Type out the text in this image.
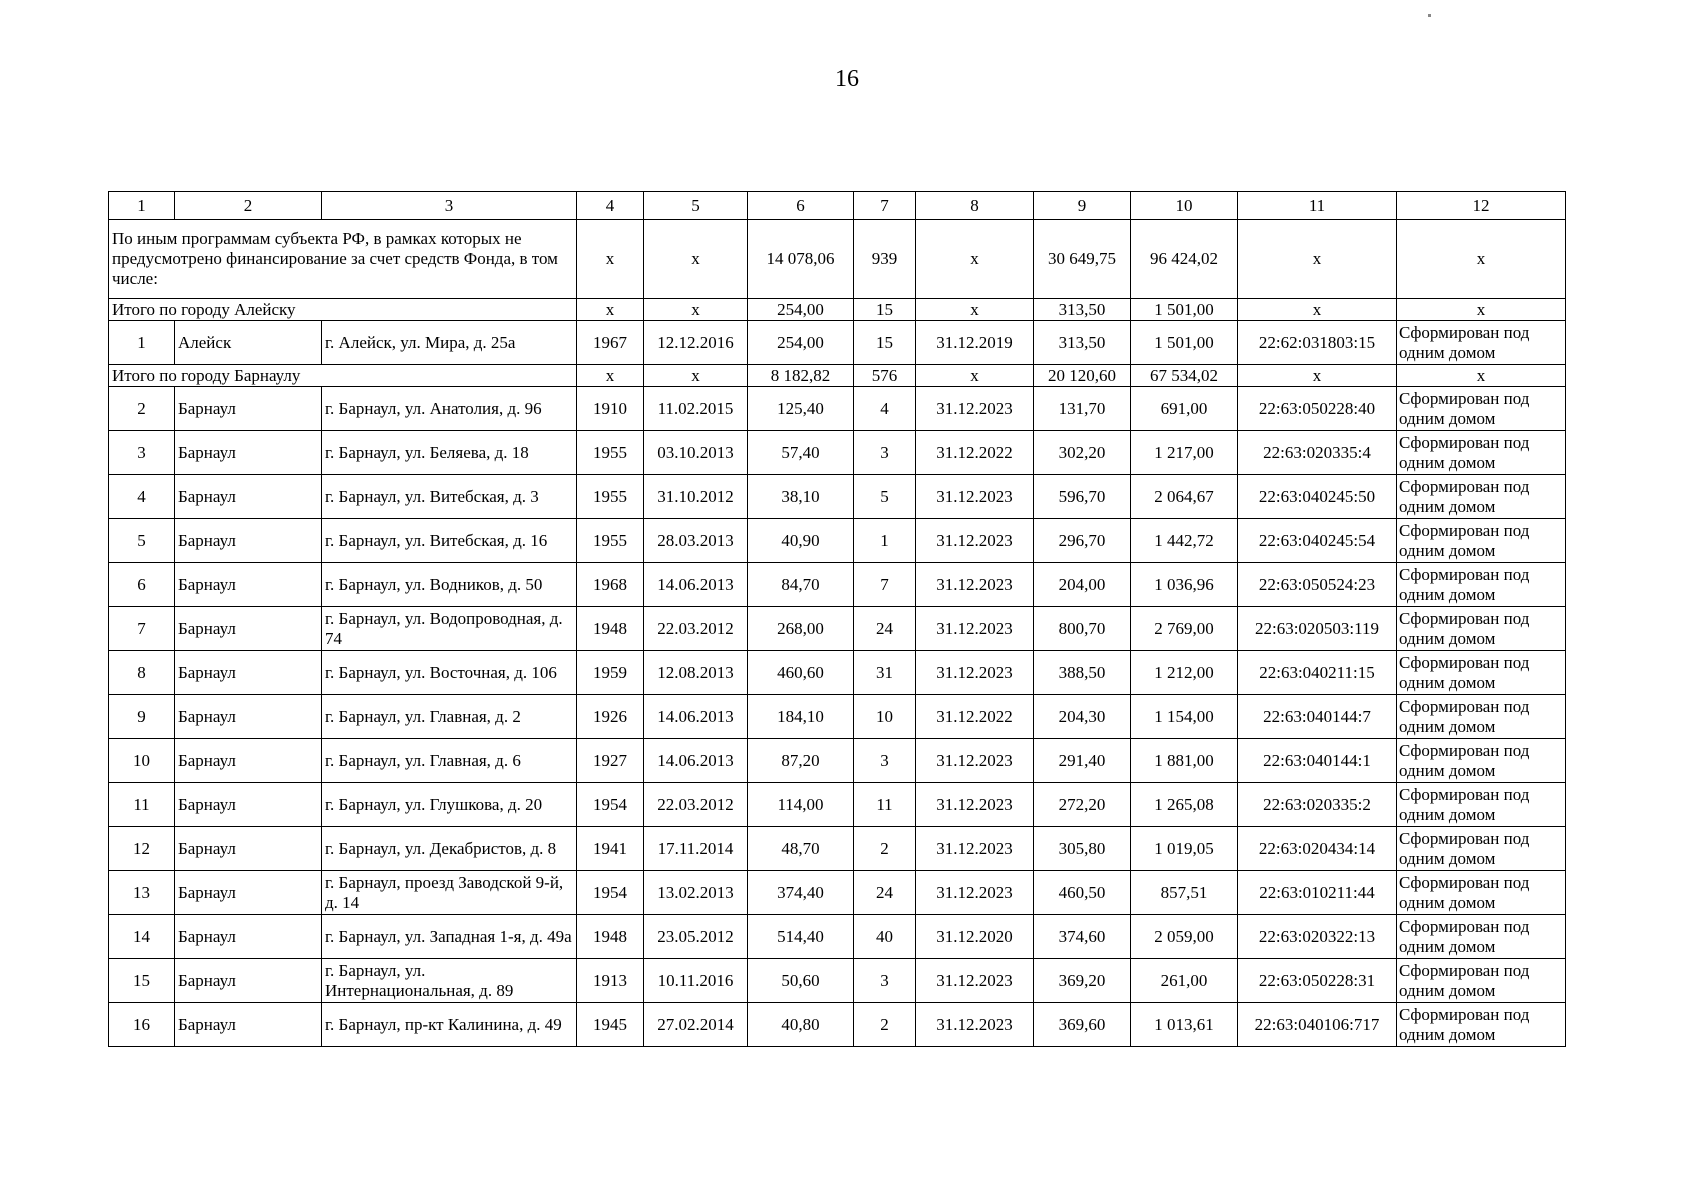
16
1	2	3	4	5	6	7	8	9	10	11	12
По иным программам субъекта РФ, в рамках которых не предусмотрено финансирование за счет средств Фонда, в том числе:			х	х	14 078,06	939	х	30 649,75	96 424,02	х	х
Итого по городу Алейску			х	х	254,00	15	х	313,50	1 501,00	х	х
1	Алейск	г. Алейск, ул. Мира, д. 25а	1967	12.12.2016	254,00	15	31.12.2019	313,50	1 501,00	22:62:031803:15	Сформирован под одним домом
Итого по городу Барнаулу			х	х	8 182,82	576	х	20 120,60	67 534,02	х	х
2	Барнаул	г. Барнаул, ул. Анатолия, д. 96	1910	11.02.2015	125,40	4	31.12.2023	131,70	691,00	22:63:050228:40	Сформирован под одним домом
3	Барнаул	г. Барнаул, ул. Беляева, д. 18	1955	03.10.2013	57,40	3	31.12.2022	302,20	1 217,00	22:63:020335:4	Сформирован под одним домом
4	Барнаул	г. Барнаул, ул. Витебская, д. 3	1955	31.10.2012	38,10	5	31.12.2023	596,70	2 064,67	22:63:040245:50	Сформирован под одним домом
5	Барнаул	г. Барнаул, ул. Витебская, д. 16	1955	28.03.2013	40,90	1	31.12.2023	296,70	1 442,72	22:63:040245:54	Сформирован под одним домом
6	Барнаул	г. Барнаул, ул. Водников, д. 50	1968	14.06.2013	84,70	7	31.12.2023	204,00	1 036,96	22:63:050524:23	Сформирован под одним домом
7	Барнаул	г. Барнаул, ул. Водопроводная, д. 74	1948	22.03.2012	268,00	24	31.12.2023	800,70	2 769,00	22:63:020503:119	Сформирован под одним домом
8	Барнаул	г. Барнаул, ул. Восточная, д. 106	1959	12.08.2013	460,60	31	31.12.2023	388,50	1 212,00	22:63:040211:15	Сформирован под одним домом
9	Барнаул	г. Барнаул, ул. Главная, д. 2	1926	14.06.2013	184,10	10	31.12.2022	204,30	1 154,00	22:63:040144:7	Сформирован под одним домом
10	Барнаул	г. Барнаул, ул. Главная, д. 6	1927	14.06.2013	87,20	3	31.12.2023	291,40	1 881,00	22:63:040144:1	Сформирован под одним домом
11	Барнаул	г. Барнаул, ул. Глушкова, д. 20	1954	22.03.2012	114,00	11	31.12.2023	272,20	1 265,08	22:63:020335:2	Сформирован под одним домом
12	Барнаул	г. Барнаул, ул. Декабристов, д. 8	1941	17.11.2014	48,70	2	31.12.2023	305,80	1 019,05	22:63:020434:14	Сформирован под одним домом
13	Барнаул	г. Барнаул, проезд Заводской 9-й, д. 14	1954	13.02.2013	374,40	24	31.12.2023	460,50	857,51	22:63:010211:44	Сформирован под одним домом
14	Барнаул	г. Барнаул, ул. Западная 1-я, д. 49а	1948	23.05.2012	514,40	40	31.12.2020	374,60	2 059,00	22:63:020322:13	Сформирован под одним домом
15	Барнаул	г. Барнаул, ул. Интернациональная, д. 89	1913	10.11.2016	50,60	3	31.12.2023	369,20	261,00	22:63:050228:31	Сформирован под одним домом
16	Барнаул	г. Барнаул, пр-кт Калинина, д. 49	1945	27.02.2014	40,80	2	31.12.2023	369,60	1 013,61	22:63:040106:717	Сформирован под одним домом
